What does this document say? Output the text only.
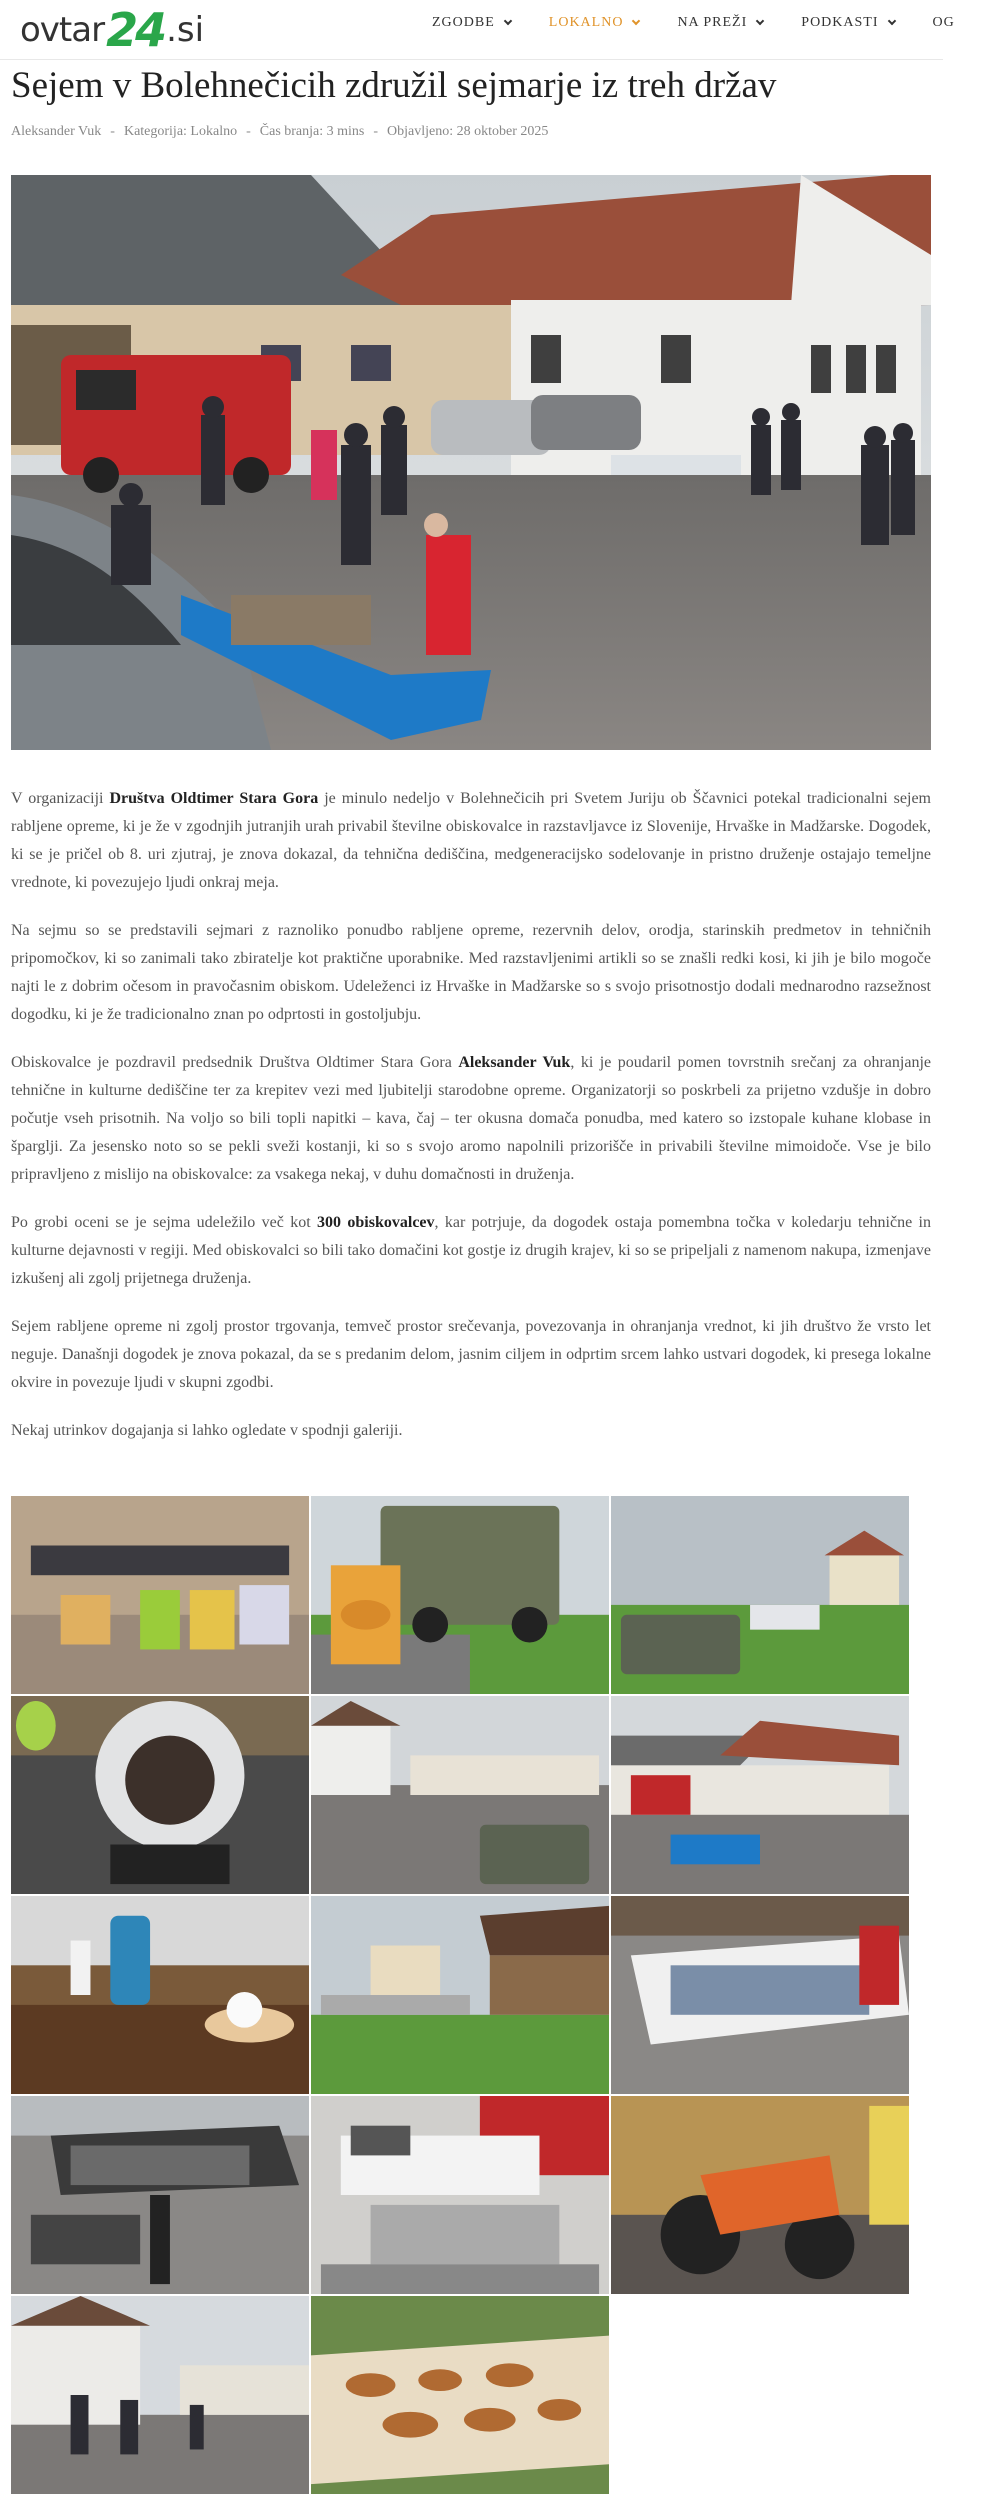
ovtar 24 .si	ZGODBE	LOKALNO	NA PREŽI	PODKASTI	OG
Sejem v Bolehnečicih združil sejmarje iz treh držav
Aleksander Vuk - Kategorija: Lokalno - Čas branja: 3 mins - Objavljeno: 28 oktober 2025

V organizaciji Društva Oldtimer Stara Gora je minulo nedeljo v Bolehnečicih pri Svetem Juriju ob Ščavnici potekal tradicionalni sejem rabljene opreme, ki je že v zgodnjih jutranjih urah privabil številne obiskovalce in razstavljavce iz Slovenije, Hrvaške in Madžarske. Dogodek, ki se je pričel ob 8. uri zjutraj, je znova dokazal, da tehnična dediščina, medgeneracijsko sodelovanje in pristno druženje ostajajo temeljne vrednote, ki povezujejo ljudi onkraj meja.

Na sejmu so se predstavili sejmari z raznoliko ponudbo rabljene opreme, rezervnih delov, orodja, starinskih predmetov in tehničnih pripomočkov, ki so zanimali tako zbiratelje kot praktične uporabnike. Med razstavljenimi artikli so se znašli redki kosi, ki jih je bilo mogoče najti le z dobrim očesom in pravočasnim obiskom. Udeleženci iz Hrvaške in Madžarske so s svojo prisotnostjo dodali mednarodno razsežnost dogodku, ki je že tradicionalno znan po odprtosti in gostoljubju.

Obiskovalce je pozdravil predsednik Društva Oldtimer Stara Gora Aleksander Vuk, ki je poudaril pomen tovrstnih srečanj za ohranjanje tehnične in kulturne dediščine ter za krepitev vezi med ljubitelji starodobne opreme. Organizatorji so poskrbeli za prijetno vzdušje in dobro počutje vseh prisotnih. Na voljo so bili topli napitki – kava, čaj – ter okusna domača ponudba, med katero so izstopale kuhane klobase in šparglji. Za jesensko noto so se pekli sveži kostanji, ki so s svojo aromo napolnili prizorišče in privabili številne mimoidoče. Vse je bilo pripravljeno z mislijo na obiskovalce: za vsakega nekaj, v duhu domačnosti in druženja.

Po grobi oceni se je sejma udeležilo več kot 300 obiskovalcev, kar potrjuje, da dogodek ostaja pomembna točka v koledarju tehnične in kulturne dejavnosti v regiji. Med obiskovalci so bili tako domačini kot gostje iz drugih krajev, ki so se pripeljali z namenom nakupa, izmenjave izkušenj ali zgolj prijetnega druženja.

Sejem rabljene opreme ni zgolj prostor trgovanja, temveč prostor srečevanja, povezovanja in ohranjanja vrednot, ki jih društvo že vrsto let neguje. Današnji dogodek je znova pokazal, da se s predanim delom, jasnim ciljem in odprtim srcem lahko ustvari dogodek, ki presega lokalne okvire in povezuje ljudi v skupni zgodbi.

Nekaj utrinkov dogajanja si lahko ogledate v spodnji galeriji.
